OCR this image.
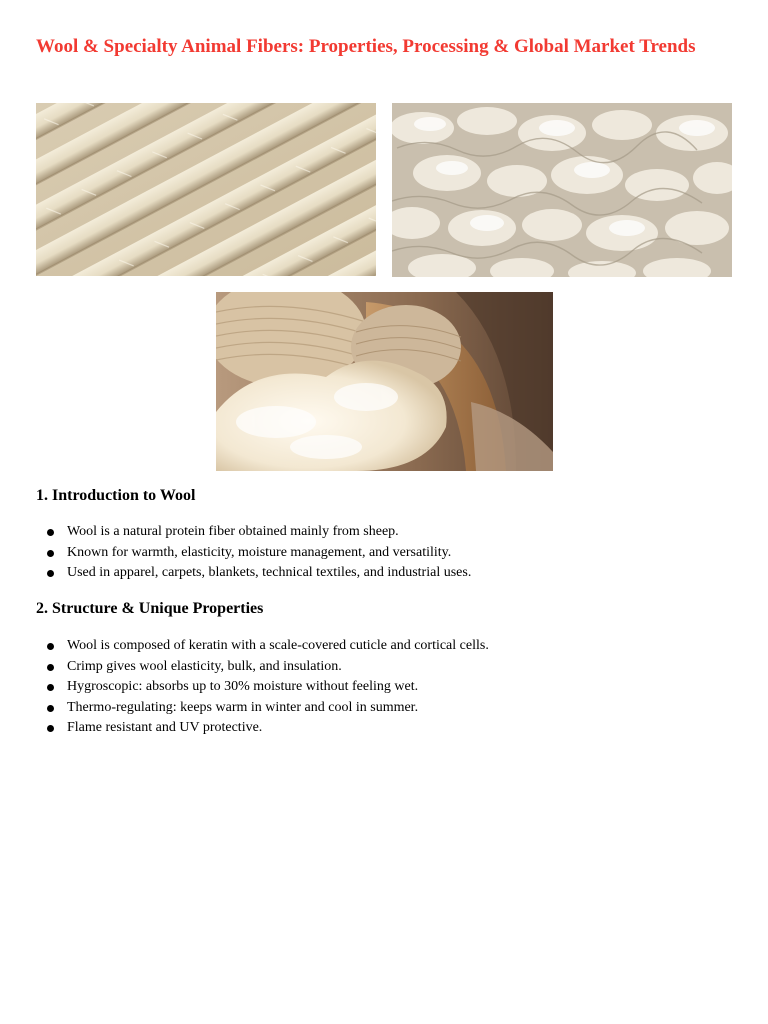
Wool & Specialty Animal Fibers: Properties, Processing & Global Market Trends
1. Introduction to Wool
Wool is a natural protein fiber obtained mainly from sheep.
Known for warmth, elasticity, moisture management, and versatility.
Used in apparel, carpets, blankets, technical textiles, and industrial uses.
2. Structure & Unique Properties
Wool is composed of keratin with a scale-covered cuticle and cortical cells.
Crimp gives wool elasticity, bulk, and insulation.
Hygroscopic: absorbs up to 30% moisture without feeling wet.
Thermo-regulating: keeps warm in winter and cool in summer.
Flame resistant and UV protective.
